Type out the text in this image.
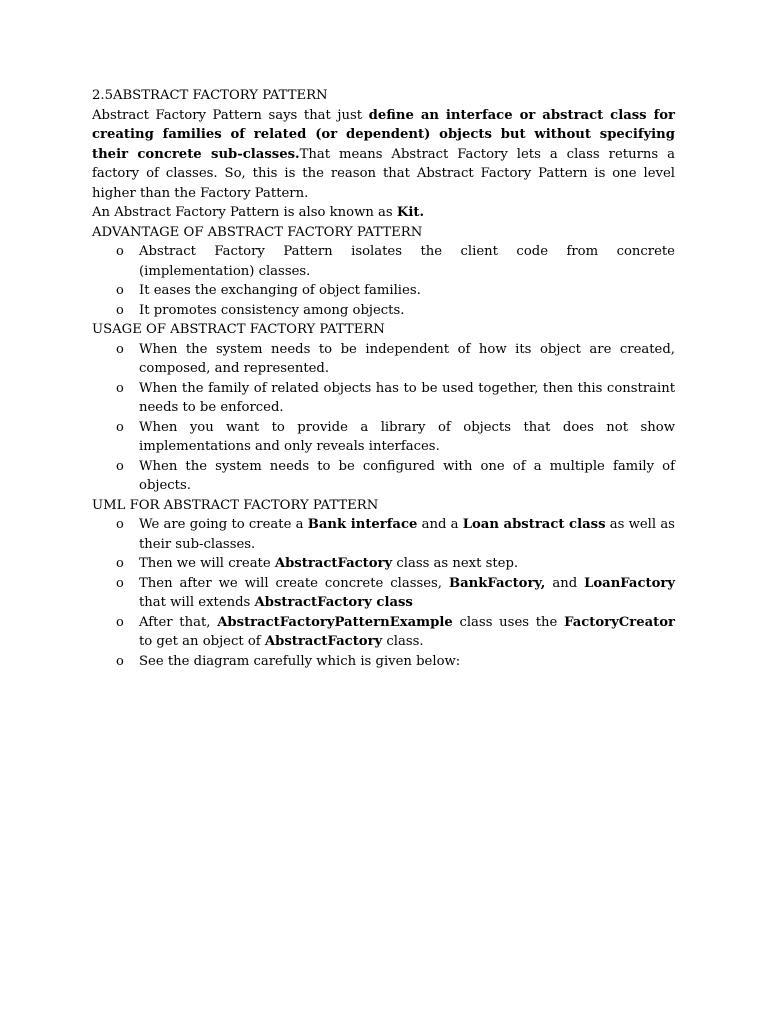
2.5ABSTRACT FACTORY PATTERN

Abstract Factory Pattern says that just define an interface or abstract class for creating families of related (or dependent) objects but without specifying their concrete sub-classes.That means Abstract Factory lets a class returns a factory of classes. So, this is the reason that Abstract Factory Pattern is one level higher than the Factory Pattern.

An Abstract Factory Pattern is also known as Kit.

ADVANTAGE OF ABSTRACT FACTORY PATTERN
o Abstract Factory Pattern isolates the client code from concrete (implementation) classes.
o It eases the exchanging of object families.
o It promotes consistency among objects.
USAGE OF ABSTRACT FACTORY PATTERN
o When the system needs to be independent of how its object are created, composed, and represented.
o When the family of related objects has to be used together, then this constraint needs to be enforced.
o When you want to provide a library of objects that does not show implementations and only reveals interfaces.
o When the system needs to be configured with one of a multiple family of objects.
UML FOR ABSTRACT FACTORY PATTERN
o We are going to create a Bank interface and a Loan abstract class as well as their sub-classes.
o Then we will create AbstractFactory class as next step.
o Then after we will create concrete classes, BankFactory, and LoanFactory that will extends AbstractFactory class
o After that, AbstractFactoryPatternExample class uses the FactoryCreator to get an object of AbstractFactory class.
o See the diagram carefully which is given below:
